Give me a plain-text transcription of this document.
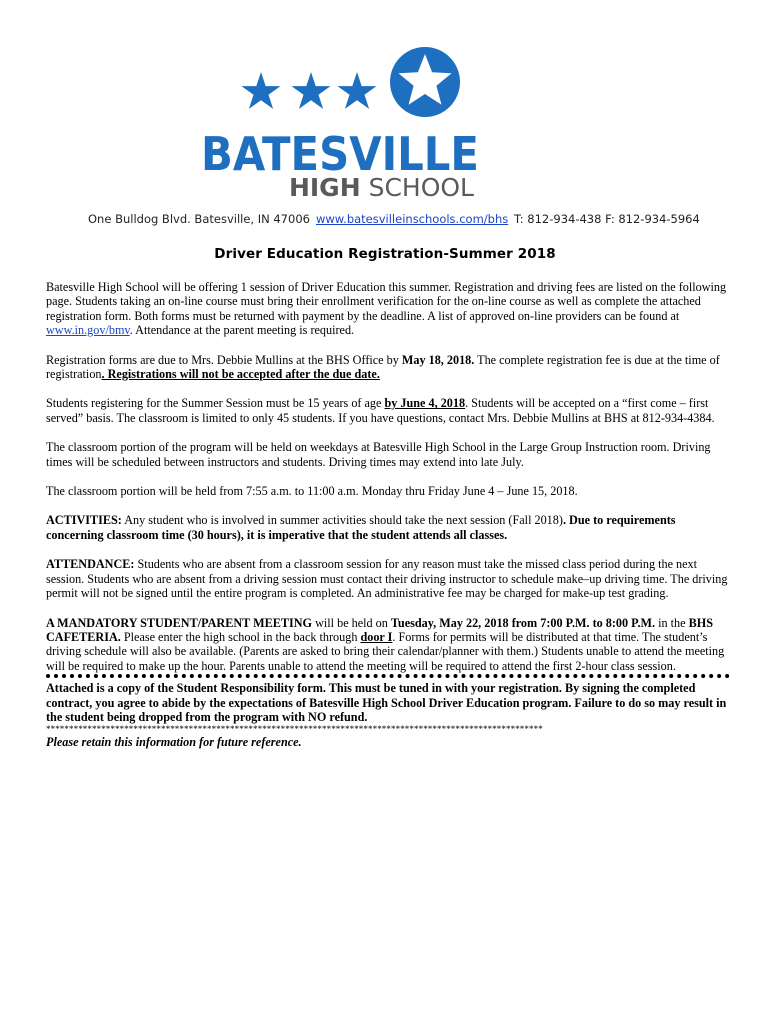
BATESVILLE
HIGH SCHOOL
One Bulldog Blvd. Batesville, IN 47006 www.batesvilleinschools.com/bhs T: 812-934-438 F: 812-934-5964
Driver Education Registration-Summer 2018

Batesville High School will be offering 1 session of Driver Education this summer. Registration and driving fees are listed on the following page. Students taking an on-line course must bring their enrollment verification for the on-line course as well as complete the attached registration form. Both forms must be returned with payment by the deadline. A list of approved on-line providers can be found at www.in.gov/bmv. Attendance at the parent meeting is required.

Registration forms are due to Mrs. Debbie Mullins at the BHS Office by May 18, 2018. The complete registration fee is due at the time of registration. Registrations will not be accepted after the due date.

Students registering for the Summer Session must be 15 years of age by June 4, 2018. Students will be accepted on a “first come – first served” basis. The classroom is limited to only 45 students. If you have questions, contact Mrs. Debbie Mullins at BHS at 812-934-4384.

The classroom portion of the program will be held on weekdays at Batesville High School in the Large Group Instruction room. Driving times will be scheduled between instructors and students. Driving times may extend into late July.

The classroom portion will be held from 7:55 a.m. to 11:00 a.m. Monday thru Friday June 4 – June 15, 2018.

ACTIVITIES: Any student who is involved in summer activities should take the next session (Fall 2018). Due to requirements concerning classroom time (30 hours), it is imperative that the student attends all classes.

ATTENDANCE: Students who are absent from a classroom session for any reason must take the missed class period during the next session. Students who are absent from a driving session must contact their driving instructor to schedule make–up driving time. The driving permit will not be signed until the entire program is completed. An administrative fee may be charged for make-up test grading.

A MANDATORY STUDENT/PARENT MEETING will be held on Tuesday, May 22, 2018 from 7:00 P.M. to 8:00 P.M. in the BHS CAFETERIA. Please enter the high school in the back through door I. Forms for permits will be distributed at that time. The student’s driving schedule will also be available. (Parents are asked to bring their calendar/planner with them.) Students unable to attend the meeting will be required to make up the hour. Parents unable to attend the meeting will be required to attend the first 2-hour class session.

Attached is a copy of the Student Responsibility form. This must be tuned in with your registration. By signing the completed contract, you agree to abide by the expectations of Batesville High School Driver Education program. Failure to do so may result in the student being dropped from the program with NO refund.

************************************************************************************************************

Please retain this information for future reference.
